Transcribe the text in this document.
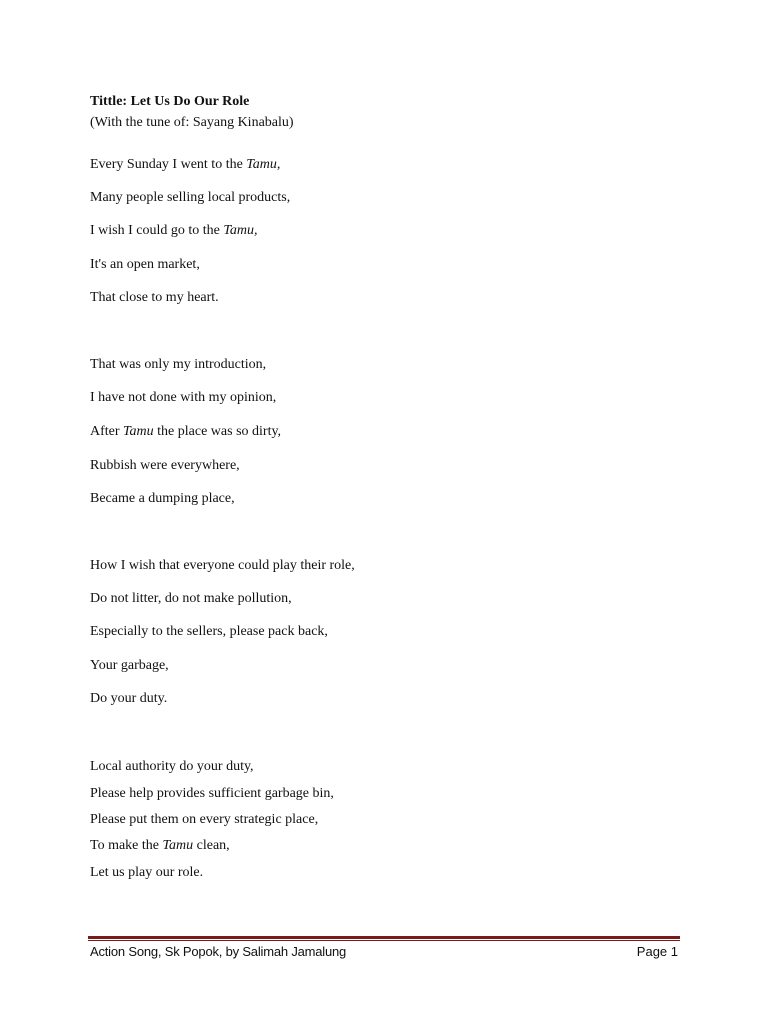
Tittle: Let Us Do Our Role
(With the tune of: Sayang Kinabalu)
Every Sunday I went to the Tamu,
Many people selling local products,
I wish I could go to the Tamu,
It's an open market,
That close to my heart.
That was only my introduction,
I have not done with my opinion,
After Tamu the place was so dirty,
Rubbish were everywhere,
Became a dumping place,
How I wish that everyone could play their role,
Do not litter, do not make pollution,
Especially to the sellers, please pack back,
Your garbage,
Do your duty.
Local authority do your duty,
Please help provides sufficient garbage bin,
Please put them on every strategic place,
To make the Tamu clean,
Let us play our role.
Action Song, Sk Popok, by Salimah Jamalung	Page 1
